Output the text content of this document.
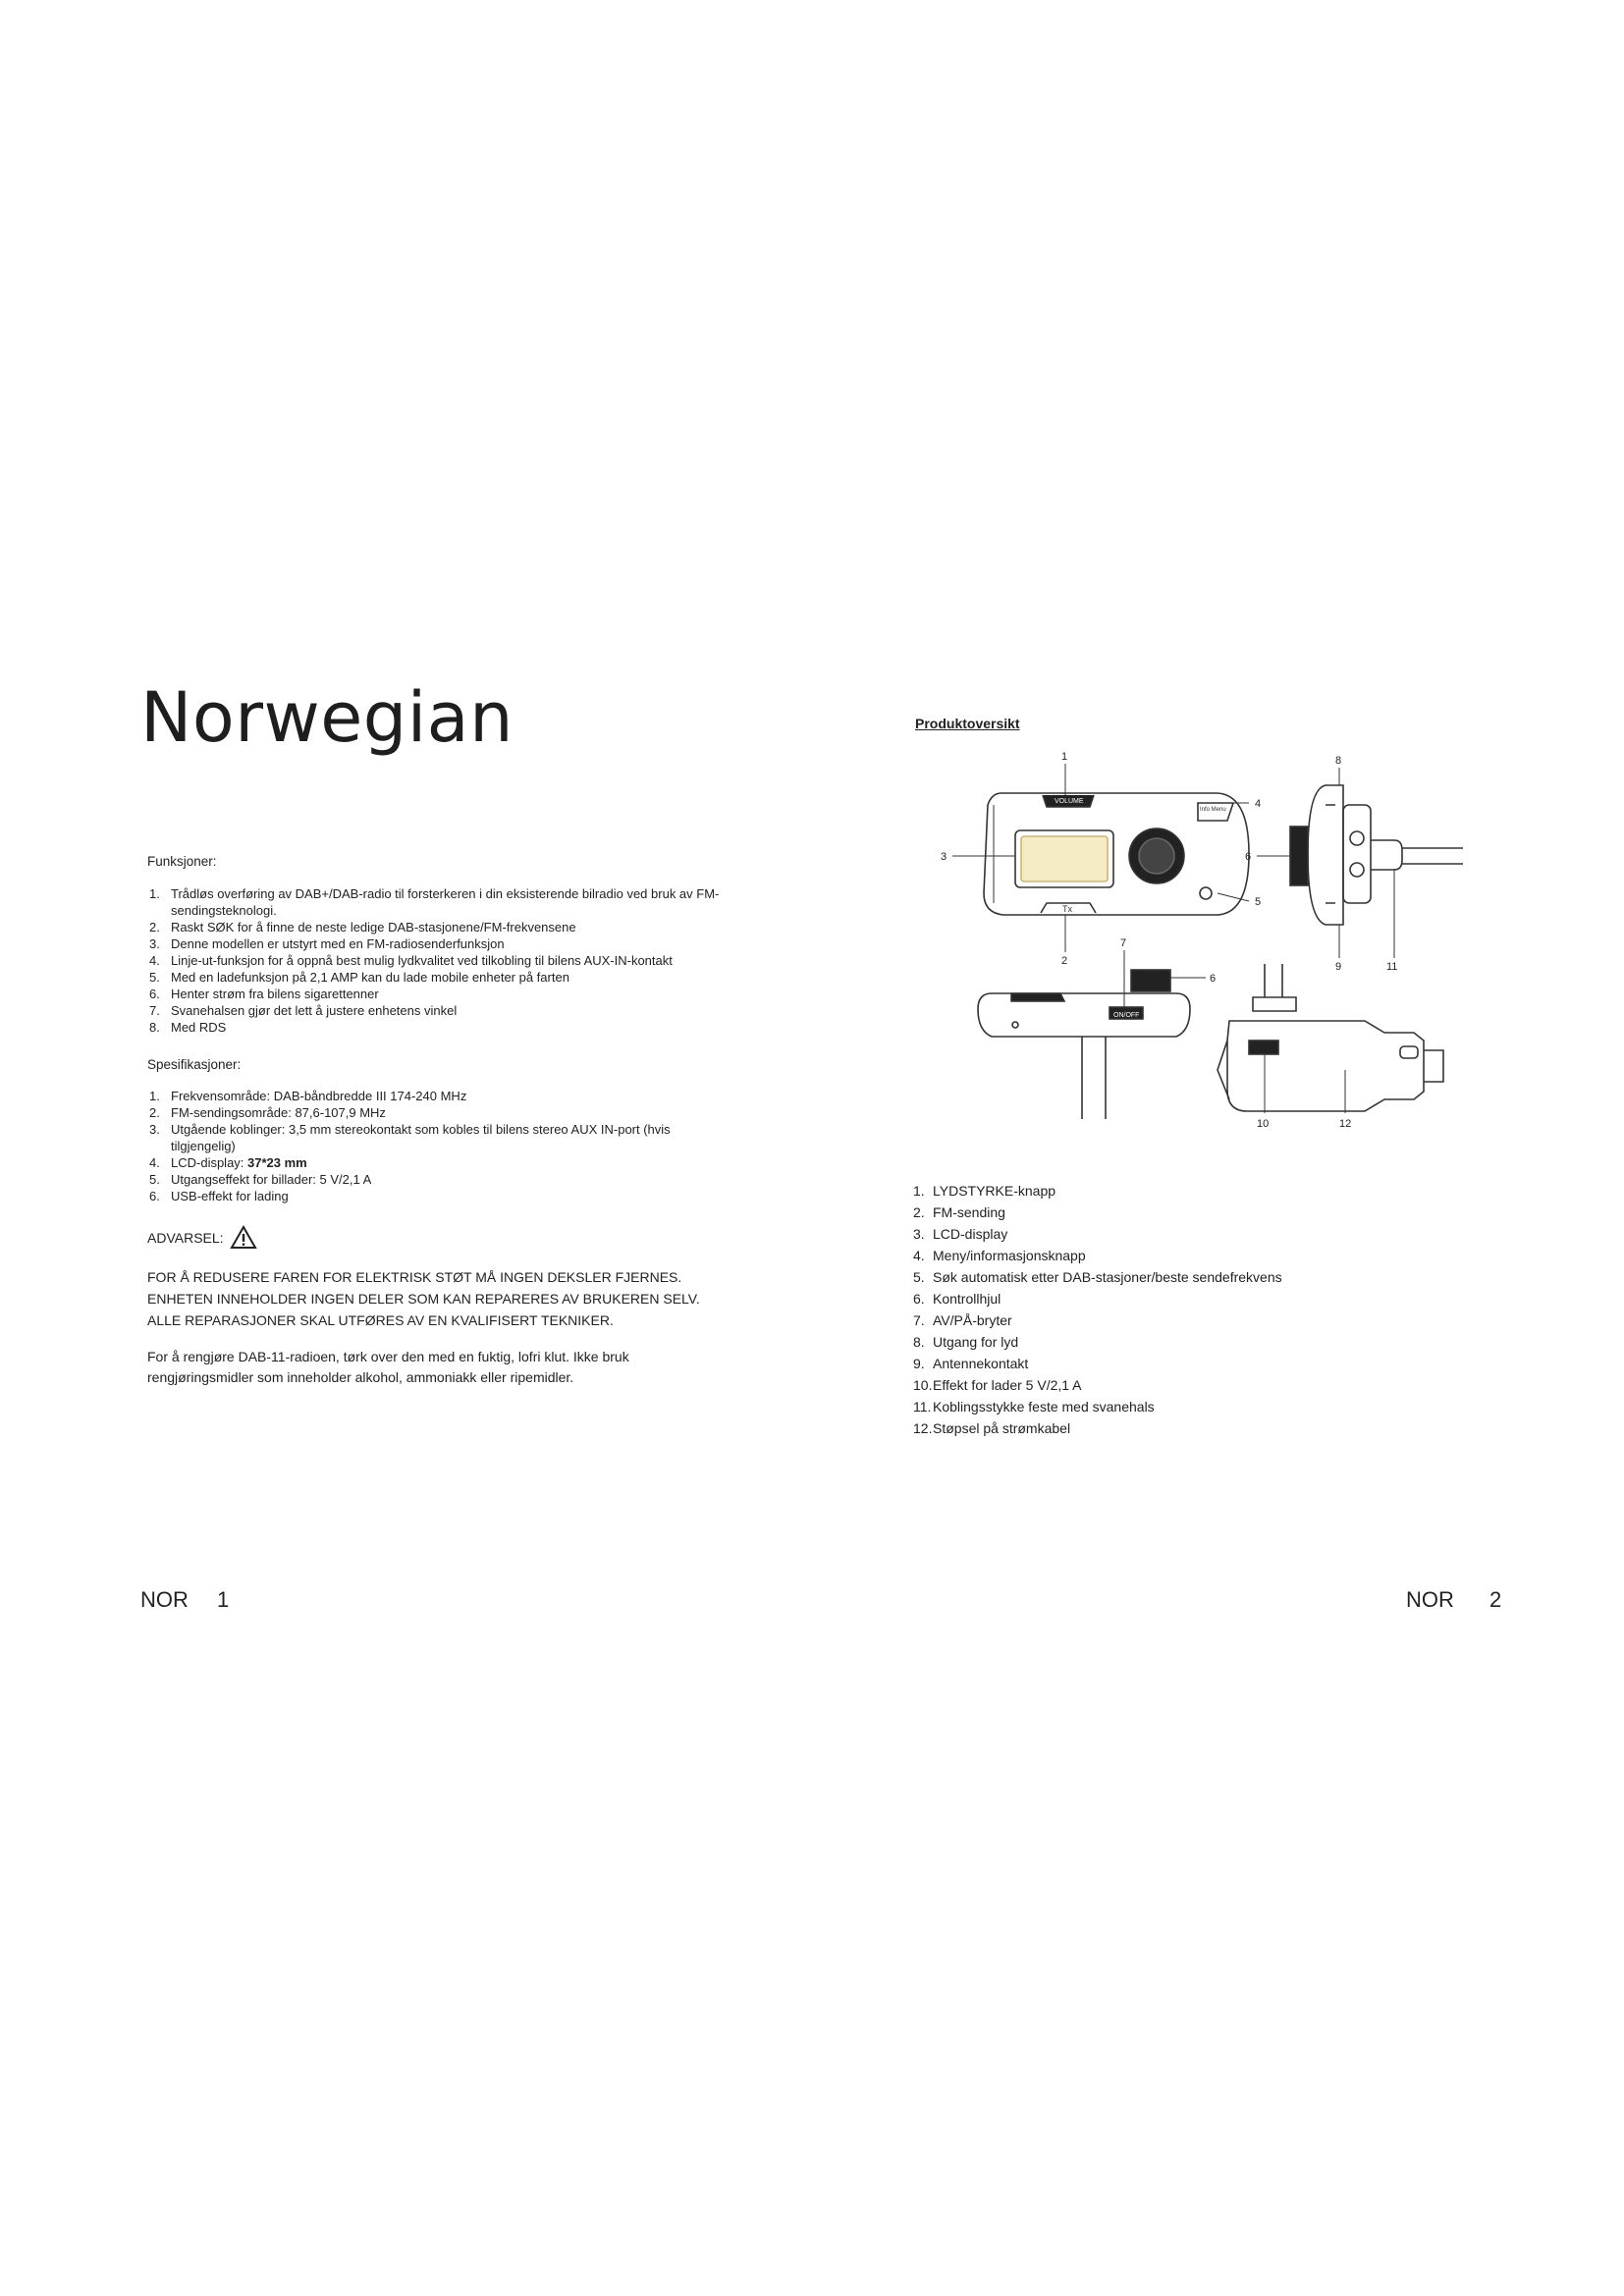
Norwegian
Funksjoner:
1. Trådløs overføring av DAB+/DAB-radio til forsterkeren i din eksisterende bilradio ved bruk av FM-sendingsteknologi.
2. Raskt SØK for å finne de neste ledige DAB-stasjonene/FM-frekvensene
3. Denne modellen er utstyrt med en FM-radiosenderfunksjon
4. Linje-ut-funksjon for å oppnå best mulig lydkvalitet ved tilkobling til bilens AUX-IN-kontakt
5. Med en ladefunksjon på 2,1 AMP kan du lade mobile enheter på farten
6. Henter strøm fra bilens sigarettenner
7. Svanehalsen gjør det lett å justere enhetens vinkel
8. Med RDS
Spesifikasjoner:
1. Frekvensområde: DAB-båndbredde III 174-240 MHz
2. FM-sendingsområde: 87,6-107,9 MHz
3. Utgående koblinger: 3,5 mm stereokontakt som kobles til bilens stereo AUX IN-port (hvis tilgjengelig)
4. LCD-display: 37*23 mm
5. Utgangseffekt for billader: 5 V/2,1 A
6. USB-effekt for lading
ADVARSEL:
FOR Å REDUSERE FAREN FOR ELEKTRISK STØT MÅ INGEN DEKSLER FJERNES. ENHETEN INNEHOLDER INGEN DELER SOM KAN REPARERES AV BRUKEREN SELV. ALLE REPARASJONER SKAL UTFØRES AV EN KVALIFISERT TEKNIKER.
For å rengjøre DAB-11-radioen, tørk over den med en fuktig, lofri klut. Ikke bruk rengjøringsmidler som inneholder alkohol, ammoniakk eller ripemidler.
Produktoversikt
VOLUME
Tx
Info Menu
1
3
4
5
2
8
6
9	11
ON/OFF
7
6
10	12
1. LYDSTYRKE-knapp
2. FM-sending
3. LCD-display
4. Meny/informasjonsknapp
5. Søk automatisk etter DAB-stasjoner/beste sendefrekvens
6. Kontrollhjul
7. AV/PÅ-bryter
8. Utgang for lyd
9. Antennekontakt
10. Effekt for lader 5 V/2,1 A
11. Koblingsstykke feste med svanehals
12. Støpsel på strømkabel
NOR 1	NOR 2
